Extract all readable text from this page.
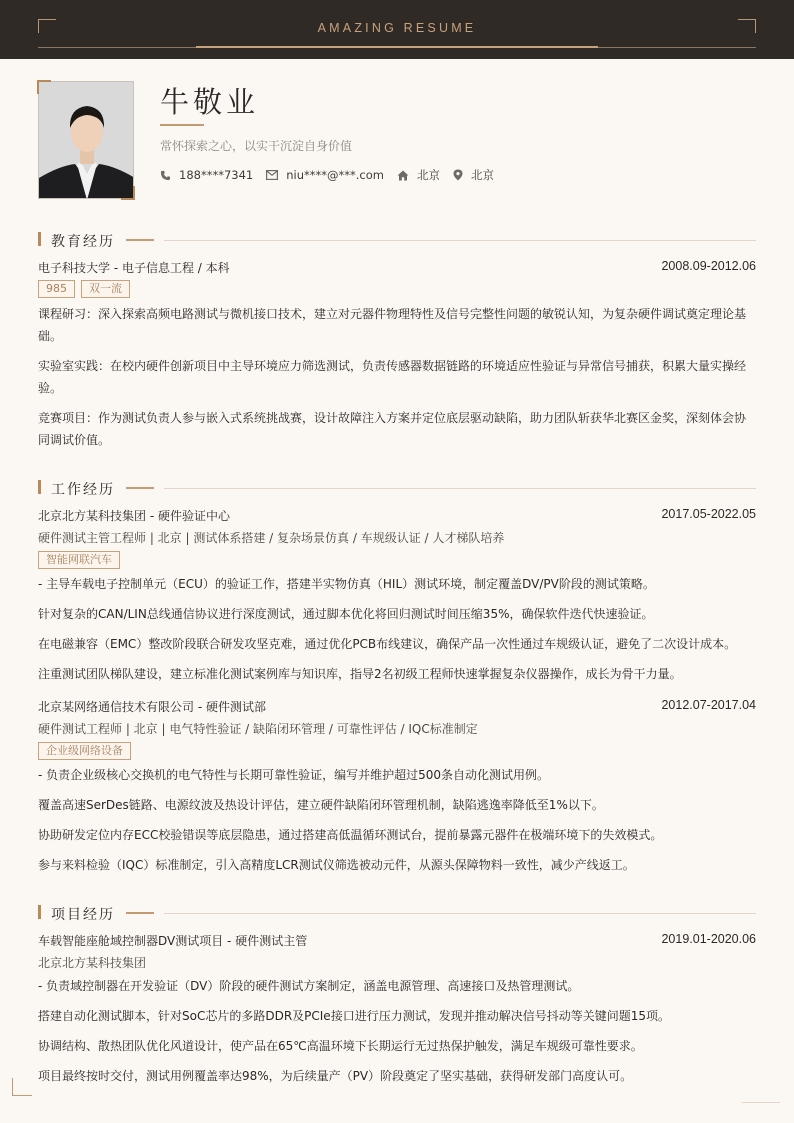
AMAZING RESUME
牛敬业
常怀探索之心，以实干沉淀自身价值
188****7341	niu****@***.com	北京	北京
教育经历
电子科技大学 - 电子信息工程 / 本科	2008.09-2012.06
985	双一流
课程研习：深入探索高频电路测试与微机接口技术，建立对元器件物理特性及信号完整性问题的敏锐认知，为复杂硬件调试奠定理论基础。
实验室实践：在校内硬件创新项目中主导环境应力筛选测试，负责传感器数据链路的环境适应性验证与异常信号捕获，积累大量实操经验。
竞赛项目：作为测试负责人参与嵌入式系统挑战赛，设计故障注入方案并定位底层驱动缺陷，助力团队斩获华北赛区金奖，深刻体会协同调试价值。
工作经历
北京北方某科技集团 - 硬件验证中心	2017.05-2022.05
硬件测试主管工程师 | 北京 | 测试体系搭建 / 复杂场景仿真 / 车规级认证 / 人才梯队培养
智能网联汽车
- 主导车载电子控制单元（ECU）的验证工作，搭建半实物仿真（HIL）测试环境，制定覆盖DV/PV阶段的测试策略。
针对复杂的CAN/LIN总线通信协议进行深度测试，通过脚本优化将回归测试时间压缩35%，确保软件迭代快速验证。
在电磁兼容（EMC）整改阶段联合研发攻坚克难，通过优化PCB布线建议，确保产品一次性通过车规级认证，避免了二次设计成本。
注重测试团队梯队建设，建立标准化测试案例库与知识库，指导2名初级工程师快速掌握复杂仪器操作，成长为骨干力量。
北京某网络通信技术有限公司 - 硬件测试部	2012.07-2017.04
硬件测试工程师 | 北京 | 电气特性验证 / 缺陷闭环管理 / 可靠性评估 / IQC标准制定
企业级网络设备
- 负责企业级核心交换机的电气特性与长期可靠性验证，编写并维护超过500条自动化测试用例。
覆盖高速SerDes链路、电源纹波及热设计评估，建立硬件缺陷闭环管理机制，缺陷逃逸率降低至1%以下。
协助研发定位内存ECC校验错误等底层隐患，通过搭建高低温循环测试台，提前暴露元器件在极端环境下的失效模式。
参与来料检验（IQC）标准制定，引入高精度LCR测试仪筛选被动元件，从源头保障物料一致性，减少产线返工。
项目经历
车载智能座舱域控制器DV测试项目 - 硬件测试主管	2019.01-2020.06
北京北方某科技集团
- 负责域控制器在开发验证（DV）阶段的硬件测试方案制定，涵盖电源管理、高速接口及热管理测试。
搭建自动化测试脚本，针对SoC芯片的多路DDR及PCIe接口进行压力测试，发现并推动解决信号抖动等关键问题15项。
协调结构、散热团队优化风道设计，使产品在65℃高温环境下长期运行无过热保护触发，满足车规级可靠性要求。
项目最终按时交付，测试用例覆盖率达98%，为后续量产（PV）阶段奠定了坚实基础，获得研发部门高度认可。
